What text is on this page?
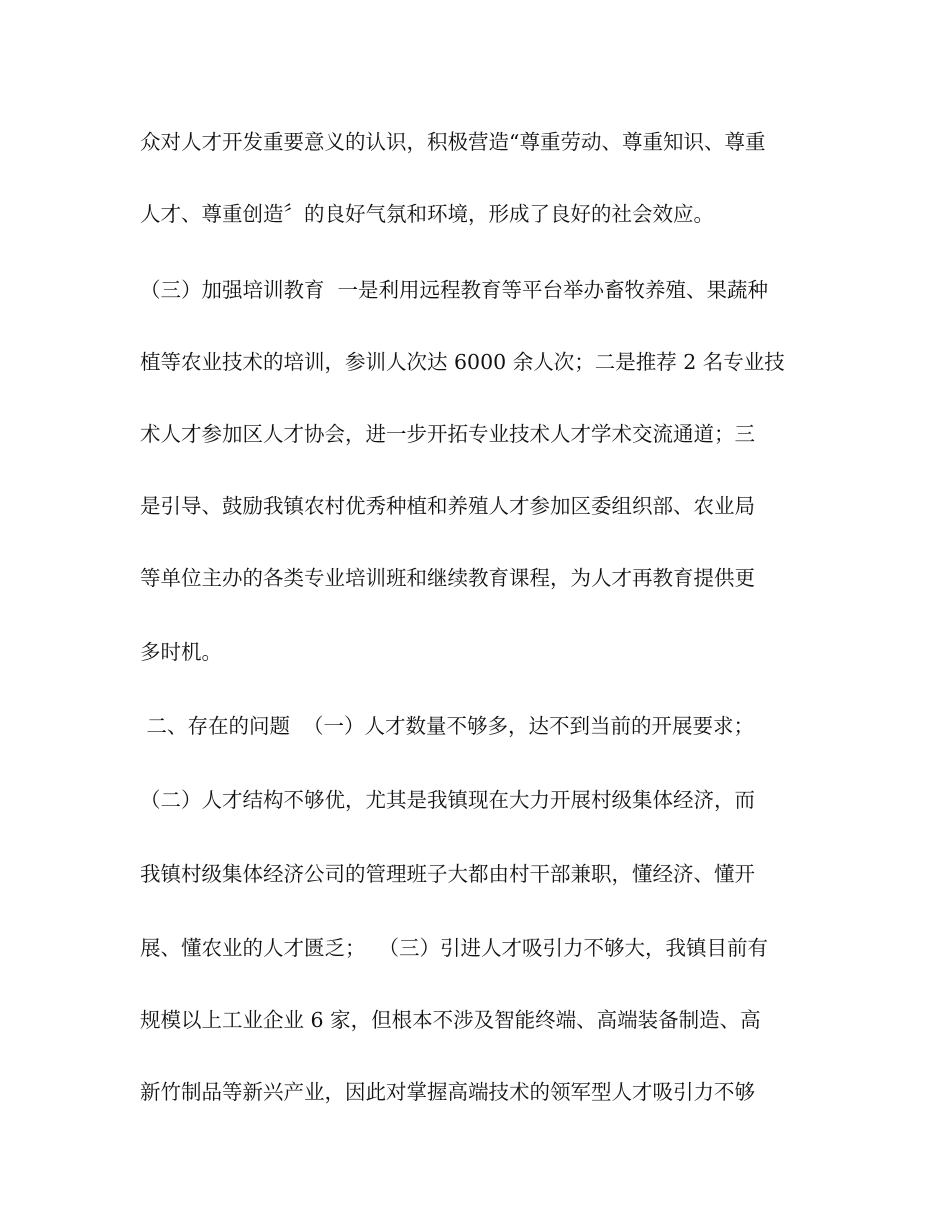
众对人才开发重要意义的认识，积极营造“尊重劳动、尊重知识、尊重
人才、尊重创造〞的良好气氛和环境，形成了良好的社会效应。
（三）加强培训教育  一是利用远程教育等平台举办畜牧养殖、果蔬种
植等农业技术的培训，参训人次达 6000 余人次；二是推荐 2 名专业技
术人才参加区人才协会，进一步开拓专业技术人才学术交流通道；三
是引导、鼓励我镇农村优秀种植和养殖人才参加区委组织部、农业局
等单位主办的各类专业培训班和继续教育课程，为人才再教育提供更
多时机。
二、存在的问题  （一）人才数量不够多，达不到当前的开展要求；
（二）人才结构不够优，尤其是我镇现在大力开展村级集体经济，而
我镇村级集体经济公司的管理班子大都由村干部兼职，懂经济、懂开
展、懂农业的人才匮乏；  （三）引进人才吸引力不够大，我镇目前有
规模以上工业企业 6 家，但根本不涉及智能终端、高端装备制造、高
新竹制品等新兴产业，因此对掌握高端技术的领军型人才吸引力不够
